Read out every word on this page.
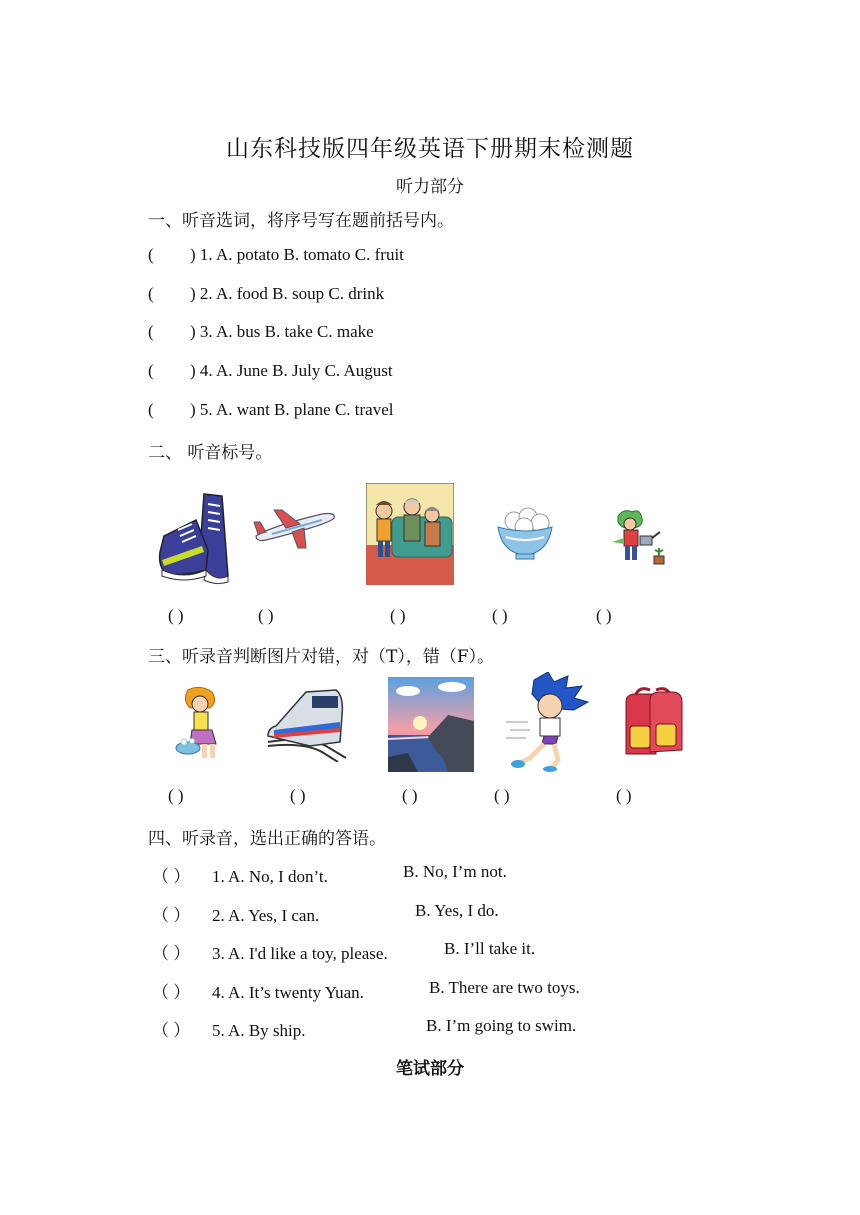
山东科技版四年级英语下册期末检测题
听力部分
一、听音选词，将序号写在题前括号内。
( ) 1. A. potato B. tomato C. fruit
( ) 2. A. food B. soup C. drink
( ) 3. A. bus B. take C. make
( ) 4. A. June B. July C. August
( ) 5. A. want B. plane C. travel
二、 听音标号。
( )	( )	( )	( )	( )
三、听录音判断图片对错，对（T），错（F）。
( )	( )	( )	( )	( )
四、听录音，选出正确的答语。
（ ） 1. A. No, I don’t.	B. No, I’m not.
（ ） 2. A. Yes, I can.	B. Yes, I do.
（ ） 3. A. I'd like a toy, please.	B. I’ll take it.
（ ） 4. A. It’s twenty Yuan.	B. There are two toys.
（ ） 5. A. By ship.	B. I’m going to swim.
笔试部分
